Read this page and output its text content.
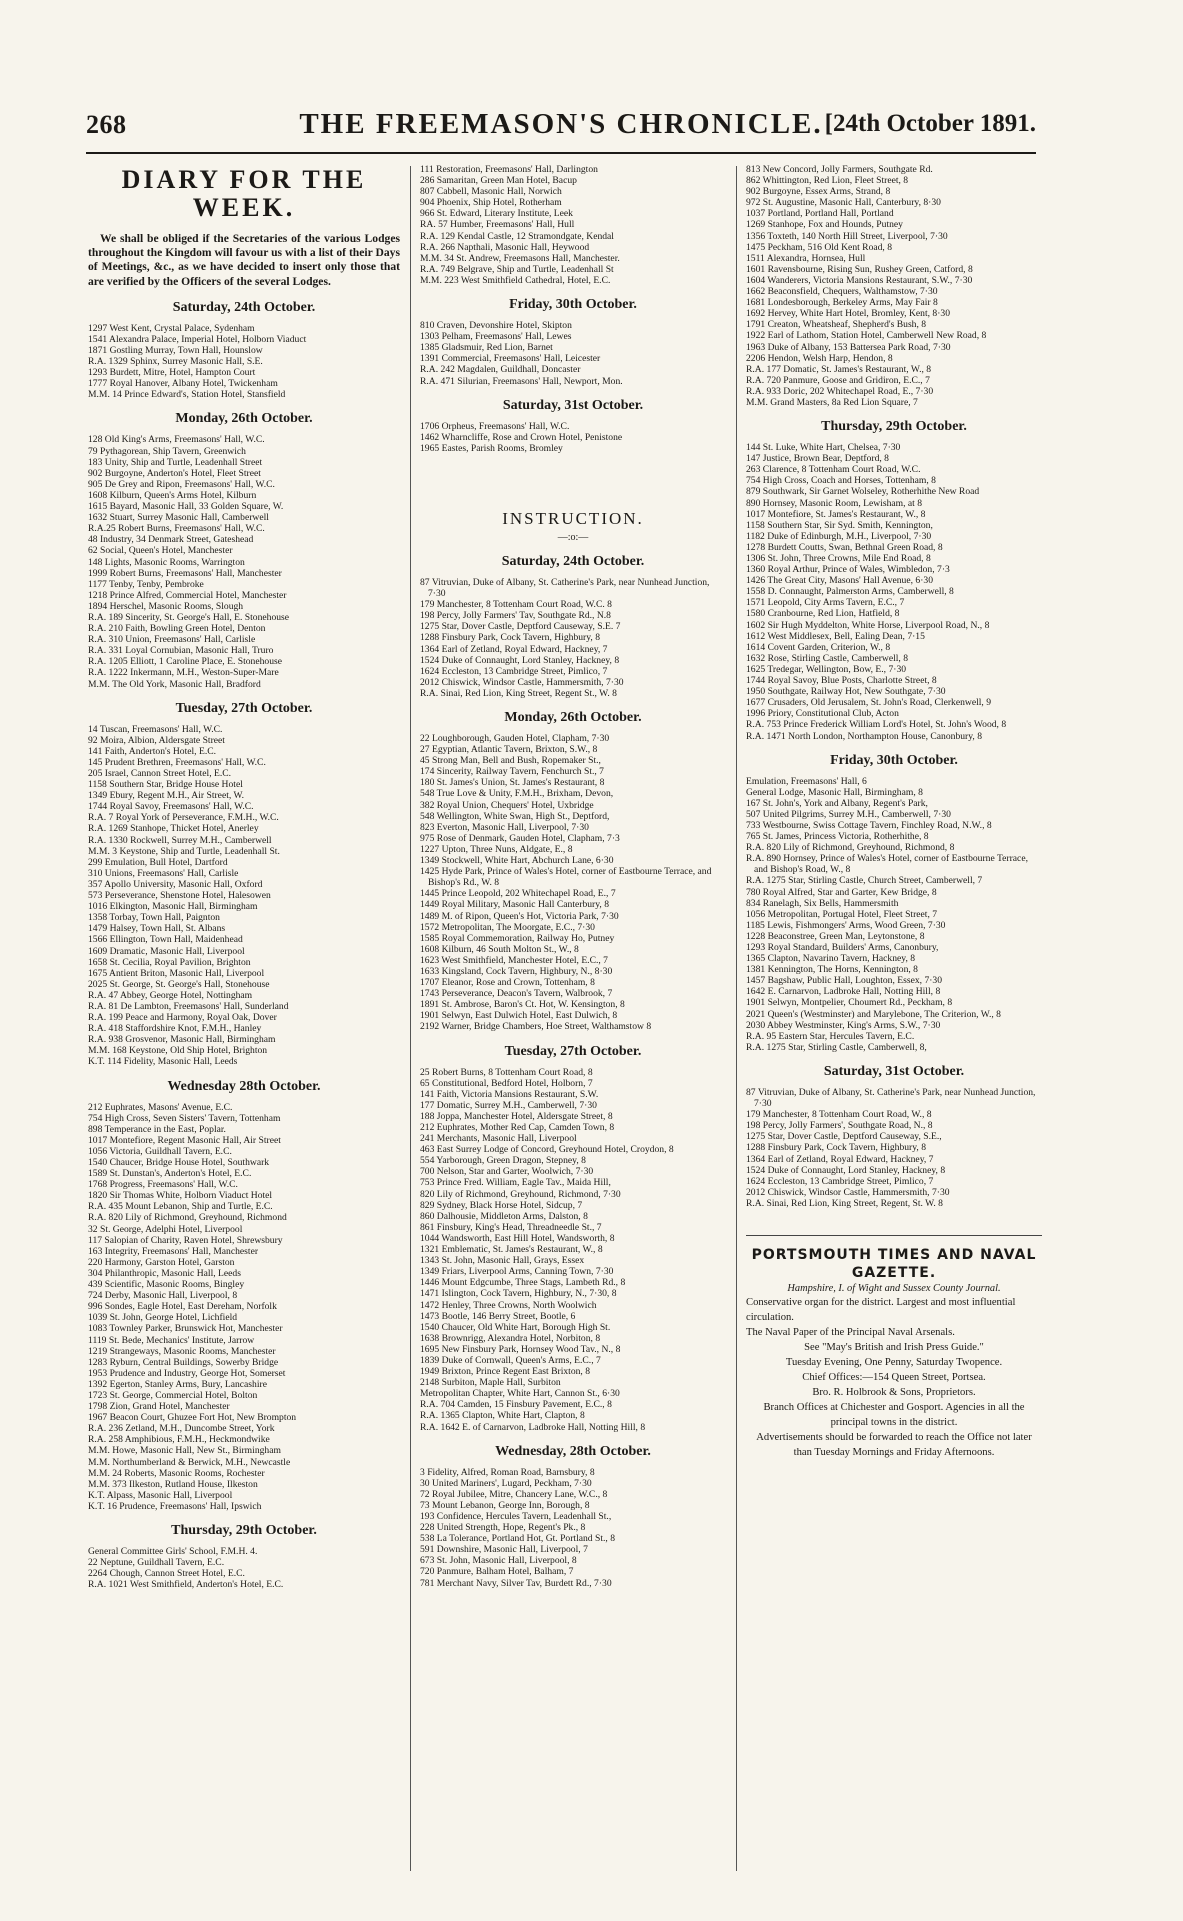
268	THE FREEMASON'S CHRONICLE. [24th October 1891.
DIARY FOR THE WEEK.

We shall be obliged if the Secretaries of the various Lodges throughout the Kingdom will favour us with a list of their Days of Meetings, &c., as we have decided to insert only those that are verified by the Officers of the several Lodges.

Saturday, 24th October.
1297 West Kent, Crystal Palace, Sydenham
1541 Alexandra Palace, Imperial Hotel, Holborn Viaduct
1871 Gostling Murray, Town Hall, Hounslow
R.A. 1329 Sphinx, Surrey Masonic Hall, S.E.
1293 Burdett, Mitre, Hotel, Hampton Court
1777 Royal Hanover, Albany Hotel, Twickenham
M.M. 14 Prince Edward's, Station Hotel, Stansfield
Monday, 26th October.
128 Old King's Arms, Freemasons' Hall, W.C.
79 Pythagorean, Ship Tavern, Greenwich
183 Unity, Ship and Turtle, Leadenhall Street
902 Burgoyne, Anderton's Hotel, Fleet Street
905 De Grey and Ripon, Freemasons' Hall, W.C.
1608 Kilburn, Queen's Arms Hotel, Kilburn
1615 Bayard, Masonic Hall, 33 Golden Square, W.
1632 Stuart, Surrey Masonic Hall, Camberwell
R.A.25 Robert Burns, Freemasons' Hall, W.C.
48 Industry, 34 Denmark Street, Gateshead
62 Social, Queen's Hotel, Manchester
148 Lights, Masonic Rooms, Warrington
1999 Robert Burns, Freemasons' Hall, Manchester
1177 Tenby, Tenby, Pembroke
1218 Prince Alfred, Commercial Hotel, Manchester
1894 Herschel, Masonic Rooms, Slough
R.A. 189 Sincerity, St. George's Hall, E. Stonehouse
R.A. 210 Faith, Bowling Green Hotel, Denton
R.A. 310 Union, Freemasons' Hall, Carlisle
R.A. 331 Loyal Cornubian, Masonic Hall, Truro
R.A. 1205 Elliott, 1 Caroline Place, E. Stonehouse
R.A. 1222 Inkermann, M.H., Weston-Super-Mare
M.M. The Old York, Masonic Hall, Bradford
Tuesday, 27th October.
14 Tuscan, Freemasons' Hall, W.C.
92 Moira, Albion, Aldersgate Street
141 Faith, Anderton's Hotel, E.C.
145 Prudent Brethren, Freemasons' Hall, W.C.
205 Israel, Cannon Street Hotel, E.C.
1158 Southern Star, Bridge House Hotel
1349 Ebury, Regent M.H., Air Street, W.
1744 Royal Savoy, Freemasons' Hall, W.C.
R.A. 7 Royal York of Perseverance, F.M.H., W.C.
R.A. 1269 Stanhope, Thicket Hotel, Anerley
R.A. 1330 Rockwell, Surrey M.H., Camberwell
M.M. 3 Keystone, Ship and Turtle, Leadenhall St.
299 Emulation, Bull Hotel, Dartford
310 Unions, Freemasons' Hall, Carlisle
357 Apollo University, Masonic Hall, Oxford
573 Perseverance, Shenstone Hotel, Halesowen
1016 Elkington, Masonic Hall, Birmingham
1358 Torbay, Town Hall, Paignton
1479 Halsey, Town Hall, St. Albans
1566 Ellington, Town Hall, Maidenhead
1609 Dramatic, Masonic Hall, Liverpool
1658 St. Cecilia, Royal Pavilion, Brighton
1675 Antient Briton, Masonic Hall, Liverpool
2025 St. George, St. George's Hall, Stonehouse
R.A. 47 Abbey, George Hotel, Nottingham
R.A. 81 De Lambton, Freemasons' Hall, Sunderland
R.A. 199 Peace and Harmony, Royal Oak, Dover
R.A. 418 Staffordshire Knot, F.M.H., Hanley
R.A. 938 Grosvenor, Masonic Hall, Birmingham
M.M. 168 Keystone, Old Ship Hotel, Brighton
K.T. 114 Fidelity, Masonic Hall, Leeds
Wednesday 28th October.
212 Euphrates, Masons' Avenue, E.C.
754 High Cross, Seven Sisters' Tavern, Tottenham
898 Temperance in the East, Poplar.
1017 Montefiore, Regent Masonic Hall, Air Street
1056 Victoria, Guildhall Tavern, E.C.
1540 Chaucer, Bridge House Hotel, Southwark
1589 St. Dunstan's, Anderton's Hotel, E.C.
1768 Progress, Freemasons' Hall, W.C.
1820 Sir Thomas White, Holborn Viaduct Hotel
R.A. 435 Mount Lebanon, Ship and Turtle, E.C.
R.A. 820 Lily of Richmond, Greyhound, Richmond
32 St. George, Adelphi Hotel, Liverpool
117 Salopian of Charity, Raven Hotel, Shrewsbury
163 Integrity, Freemasons' Hall, Manchester
220 Harmony, Garston Hotel, Garston
304 Philanthropic, Masonic Hall, Leeds
439 Scientific, Masonic Rooms, Bingley
724 Derby, Masonic Hall, Liverpool, 8
996 Sondes, Eagle Hotel, East Dereham, Norfolk
1039 St. John, George Hotel, Lichfield
1083 Townley Parker, Brunswick Hot, Manchester
1119 St. Bede, Mechanics' Institute, Jarrow
1219 Strangeways, Masonic Rooms, Manchester
1283 Ryburn, Central Buildings, Sowerby Bridge
1953 Prudence and Industry, George Hot, Somerset
1392 Egerton, Stanley Arms, Bury, Lancashire
1723 St. George, Commercial Hotel, Bolton
1798 Zion, Grand Hotel, Manchester
1967 Beacon Court, Ghuzee Fort Hot, New Brompton
R.A. 236 Zetland, M.H., Duncombe Street, York
R.A. 258 Amphibious, F.M.H., Heckmondwike
M.M. Howe, Masonic Hall, New St., Birmingham
M.M. Northumberland & Berwick, M.H., Newcastle
M.M. 24 Roberts, Masonic Rooms, Rochester
M.M. 373 Ilkeston, Rutland House, Ilkeston
K.T. Alpass, Masonic Hall, Liverpool
K.T. 16 Prudence, Freemasons' Hall, Ipswich
Thursday, 29th October.
General Committee Girls' School, F.M.H. 4.
22 Neptune, Guildhall Tavern, E.C.
2264 Chough, Cannon Street Hotel, E.C.
R.A. 1021 West Smithfield, Anderton's Hotel, E.C.
111 Restoration, Freemasons' Hall, Darlington
286 Samaritan, Green Man Hotel, Bacup
807 Cabbell, Masonic Hall, Norwich
904 Phoenix, Ship Hotel, Rotherham
966 St. Edward, Literary Institute, Leek
RA. 57 Humber, Freemasons' Hall, Hull
R.A. 129 Kendal Castle, 12 Stramondgate, Kendal
R.A. 266 Napthali, Masonic Hall, Heywood
M.M. 34 St. Andrew, Freemasons Hall, Manchester.
R.A. 749 Belgrave, Ship and Turtle, Leadenhall St
M.M. 223 West Smithfield Cathedral, Hotel, E.C.
Friday, 30th October.
810 Craven, Devonshire Hotel, Skipton
1303 Pelham, Freemasons' Hall, Lewes
1385 Gladsmuir, Red Lion, Barnet
1391 Commercial, Freemasons' Hall, Leicester
R.A. 242 Magdalen, Guildhall, Doncaster
R.A. 471 Silurian, Freemasons' Hall, Newport, Mon.
Saturday, 31st October.
1706 Orpheus, Freemasons' Hall, W.C.
1462 Wharncliffe, Rose and Crown Hotel, Penistone
1965 Eastes, Parish Rooms, Bromley
INSTRUCTION.
—:o:—
Saturday, 24th October.
87 Vitruvian, Duke of Albany, St. Catherine's Park, near Nunhead Junction, 7·30
179 Manchester, 8 Tottenham Court Road, W.C. 8
198 Percy, Jolly Farmers' Tav, Southgate Rd., N.8
1275 Star, Dover Castle, Deptford Causeway, S.E. 7
1288 Finsbury Park, Cock Tavern, Highbury, 8
1364 Earl of Zetland, Royal Edward, Hackney, 7
1524 Duke of Connaught, Lord Stanley, Hackney, 8
1624 Eccleston, 13 Cambridge Street, Pimlico, 7
2012 Chiswick, Windsor Castle, Hammersmith, 7·30
R.A. Sinai, Red Lion, King Street, Regent St., W. 8
Monday, 26th October.
22 Loughborough, Gauden Hotel, Clapham, 7·30
27 Egyptian, Atlantic Tavern, Brixton, S.W., 8
45 Strong Man, Bell and Bush, Ropemaker St.,
174 Sincerity, Railway Tavern, Fenchurch St., 7
180 St. James's Union, St. James's Restaurant, 8
548 True Love & Unity, F.M.H., Brixham, Devon,
382 Royal Union, Chequers' Hotel, Uxbridge
548 Wellington, White Swan, High St., Deptford,
823 Everton, Masonic Hall, Liverpool, 7·30
975 Rose of Denmark, Gauden Hotel, Clapham, 7·3
1227 Upton, Three Nuns, Aldgate, E., 8
1349 Stockwell, White Hart, Abchurch Lane, 6·30
1425 Hyde Park, Prince of Wales's Hotel, corner of Eastbourne Terrace, and Bishop's Rd., W. 8
1445 Prince Leopold, 202 Whitechapel Road, E., 7
1449 Royal Military, Masonic Hall Canterbury, 8
1489 M. of Ripon, Queen's Hot, Victoria Park, 7·30
1572 Metropolitan, The Moorgate, E.C., 7·30
1585 Royal Commemoration, Railway Ho, Putney
1608 Kilburn, 46 South Molton St., W., 8
1623 West Smithfield, Manchester Hotel, E.C., 7
1633 Kingsland, Cock Tavern, Highbury, N., 8·30
1707 Eleanor, Rose and Crown, Tottenham, 8
1743 Perseverance, Deacon's Tavern, Walbrook, 7
1891 St. Ambrose, Baron's Ct. Hot, W. Kensington, 8
1901 Selwyn, East Dulwich Hotel, East Dulwich, 8
2192 Warner, Bridge Chambers, Hoe Street, Walthamstow 8
Tuesday, 27th October.
25 Robert Burns, 8 Tottenham Court Road, 8
65 Constitutional, Bedford Hotel, Holborn, 7
141 Faith, Victoria Mansions Restaurant, S.W.
177 Domatic, Surrey M.H., Camberwell, 7·30
188 Joppa, Manchester Hotel, Aldersgate Street, 8
212 Euphrates, Mother Red Cap, Camden Town, 8
241 Merchants, Masonic Hall, Liverpool
463 East Surrey Lodge of Concord, Greyhound Hotel, Croydon, 8
554 Yarborough, Green Dragon, Stepney, 8
700 Nelson, Star and Garter, Woolwich, 7·30
753 Prince Fred. William, Eagle Tav., Maida Hill,
820 Lily of Richmond, Greyhound, Richmond, 7·30
829 Sydney, Black Horse Hotel, Sidcup, 7
860 Dalhousie, Middleton Arms, Dalston, 8
861 Finsbury, King's Head, Threadneedle St., 7
1044 Wandsworth, East Hill Hotel, Wandsworth, 8
1321 Emblematic, St. James's Restaurant, W., 8
1343 St. John, Masonic Hall, Grays, Essex
1349 Friars, Liverpool Arms, Canning Town, 7·30
1446 Mount Edgcumbe, Three Stags, Lambeth Rd., 8
1471 Islington, Cock Tavern, Highbury, N., 7·30, 8
1472 Henley, Three Crowns, North Woolwich
1473 Bootle, 146 Berry Street, Bootle, 6
1540 Chaucer, Old White Hart, Borough High St.
1638 Brownrigg, Alexandra Hotel, Norbiton, 8
1695 New Finsbury Park, Hornsey Wood Tav., N., 8
1839 Duke of Cornwall, Queen's Arms, E.C., 7
1949 Brixton, Prince Regent East Brixton, 8
2148 Surbiton, Maple Hall, Surbiton
Metropolitan Chapter, White Hart, Cannon St., 6·30
R.A. 704 Camden, 15 Finsbury Pavement, E.C., 8
R.A. 1365 Clapton, White Hart, Clapton, 8
R.A. 1642 E. of Carnarvon, Ladbroke Hall, Notting Hill, 8
Wednesday, 28th October.
3 Fidelity, Alfred, Roman Road, Barnsbury, 8
30 United Mariners', Lugard, Peckham, 7·30
72 Royal Jubilee, Mitre, Chancery Lane, W.C., 8
73 Mount Lebanon, George Inn, Borough, 8
193 Confidence, Hercules Tavern, Leadenhall St.,
228 United Strength, Hope, Regent's Pk., 8
538 La Tolerance, Portland Hot, Gt. Portland St., 8
591 Downshire, Masonic Hall, Liverpool, 7
673 St. John, Masonic Hall, Liverpool, 8
720 Panmure, Balham Hotel, Balham, 7
781 Merchant Navy, Silver Tav, Burdett Rd., 7·30
813 New Concord, Jolly Farmers, Southgate Rd.
862 Whittington, Red Lion, Fleet Street, 8
902 Burgoyne, Essex Arms, Strand, 8
972 St. Augustine, Masonic Hall, Canterbury, 8·30
1037 Portland, Portland Hall, Portland
1269 Stanhope, Fox and Hounds, Putney
1356 Toxteth, 140 North Hill Street, Liverpool, 7·30
1475 Peckham, 516 Old Kent Road, 8
1511 Alexandra, Hornsea, Hull
1601 Ravensbourne, Rising Sun, Rushey Green, Catford, 8
1604 Wanderers, Victoria Mansions Restaurant, S.W., 7·30
1662 Beaconsfield, Chequers, Walthamstow, 7·30
1681 Londesborough, Berkeley Arms, May Fair 8
1692 Hervey, White Hart Hotel, Bromley, Kent, 8·30
1791 Creaton, Wheatsheaf, Shepherd's Bush, 8
1922 Earl of Lathom, Station Hotel, Camberwell New Road, 8
1963 Duke of Albany, 153 Battersea Park Road, 7·30
2206 Hendon, Welsh Harp, Hendon, 8
R.A. 177 Domatic, St. James's Restaurant, W., 8
R.A. 720 Panmure, Goose and Gridiron, E.C., 7
R.A. 933 Doric, 202 Whitechapel Road, E., 7·30
M.M. Grand Masters, 8a Red Lion Square, 7
Thursday, 29th October.
144 St. Luke, White Hart, Chelsea, 7·30
147 Justice, Brown Bear, Deptford, 8
263 Clarence, 8 Tottenham Court Road, W.C.
754 High Cross, Coach and Horses, Tottenham, 8
879 Southwark, Sir Garnet Wolseley, Rotherhithe New Road
890 Hornsey, Masonic Room, Lewisham, at 8
1017 Montefiore, St. James's Restaurant, W., 8
1158 Southern Star, Sir Syd. Smith, Kennington,
1182 Duke of Edinburgh, M.H., Liverpool, 7·30
1278 Burdett Coutts, Swan, Bethnal Green Road, 8
1306 St. John, Three Crowns, Mile End Road, 8
1360 Royal Arthur, Prince of Wales, Wimbledon, 7·3
1426 The Great City, Masons' Hall Avenue, 6·30
1558 D. Connaught, Palmerston Arms, Camberwell, 8
1571 Leopold, City Arms Tavern, E.C., 7
1580 Cranbourne, Red Lion, Hatfield, 8
1602 Sir Hugh Myddelton, White Horse, Liverpool Road, N., 8
1612 West Middlesex, Bell, Ealing Dean, 7·15
1614 Covent Garden, Criterion, W., 8
1632 Rose, Stirling Castle, Camberwell, 8
1625 Tredegar, Wellington, Bow, E., 7·30
1744 Royal Savoy, Blue Posts, Charlotte Street, 8
1950 Southgate, Railway Hot, New Southgate, 7·30
1677 Crusaders, Old Jerusalem, St. John's Road, Clerkenwell, 9
1996 Priory, Constitutional Club, Acton
R.A. 753 Prince Frederick William Lord's Hotel, St. John's Wood, 8
R.A. 1471 North London, Northampton House, Canonbury, 8
Friday, 30th October.
Emulation, Freemasons' Hall, 6
General Lodge, Masonic Hall, Birmingham, 8
167 St. John's, York and Albany, Regent's Park,
507 United Pilgrims, Surrey M.H., Camberwell, 7·30
733 Westbourne, Swiss Cottage Tavern, Finchley Road, N.W., 8
765 St. James, Princess Victoria, Rotherhithe, 8
R.A. 820 Lily of Richmond, Greyhound, Richmond, 8
R.A. 890 Hornsey, Prince of Wales's Hotel, corner of Eastbourne Terrace, and Bishop's Road, W., 8
R.A. 1275 Star, Stirling Castle, Church Street, Camberwell, 7
780 Royal Alfred, Star and Garter, Kew Bridge, 8
834 Ranelagh, Six Bells, Hammersmith
1056 Metropolitan, Portugal Hotel, Fleet Street, 7
1185 Lewis, Fishmongers' Arms, Wood Green, 7·30
1228 Beaconstree, Green Man, Leytonstone, 8
1293 Royal Standard, Builders' Arms, Canonbury,
1365 Clapton, Navarino Tavern, Hackney, 8
1381 Kennington, The Horns, Kennington, 8
1457 Bagshaw, Public Hall, Loughton, Essex, 7·30
1642 E. Carnarvon, Ladbroke Hall, Notting Hill, 8
1901 Selwyn, Montpelier, Choumert Rd., Peckham, 8
2021 Queen's (Westminster) and Marylebone, The Criterion, W., 8
2030 Abbey Westminster, King's Arms, S.W., 7·30
R.A. 95 Eastern Star, Hercules Tavern, E.C.
R.A. 1275 Star, Stirling Castle, Camberwell, 8,
Saturday, 31st October.
87 Vitruvian, Duke of Albany, St. Catherine's Park, near Nunhead Junction, 7·30
179 Manchester, 8 Tottenham Court Road, W., 8
198 Percy, Jolly Farmers', Southgate Road, N., 8
1275 Star, Dover Castle, Deptford Causeway, S.E.,
1288 Finsbury Park, Cock Tavern, Highbury, 8
1364 Earl of Zetland, Royal Edward, Hackney, 7
1524 Duke of Connaught, Lord Stanley, Hackney, 8
1624 Eccleston, 13 Cambridge Street, Pimlico, 7
2012 Chiswick, Windsor Castle, Hammersmith, 7·30
R.A. Sinai, Red Lion, King Street, Regent, St. W. 8
PORTSMOUTH TIMES AND NAVAL GAZETTE.
Hampshire, I. of Wight and Sussex County Journal.
Conservative organ for the district. Largest and most influential circulation.
The Naval Paper of the Principal Naval Arsenals.
See "May's British and Irish Press Guide."
Tuesday Evening, One Penny, Saturday Twopence.
Chief Offices:—154 Queen Street, Portsea.
Bro. R. Holbrook & Sons, Proprietors.
Branch Offices at Chichester and Gosport. Agencies in all the principal towns in the district.
Advertisements should be forwarded to reach the Office not later than Tuesday Mornings and Friday Afternoons.
